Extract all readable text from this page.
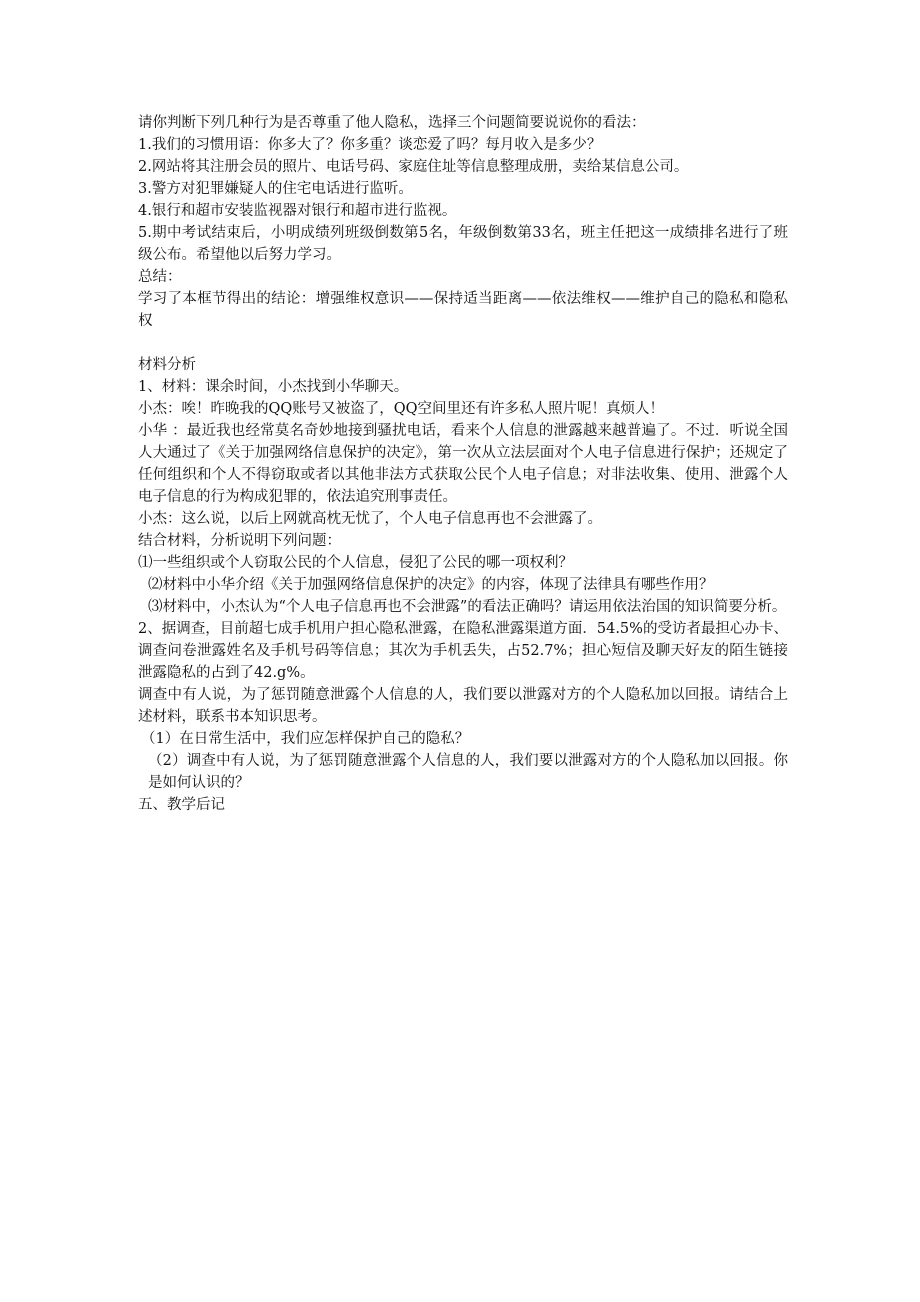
请你判断下列几种行为是否尊重了他人隐私，选择三个问题简要说说你的看法：

1.我们的习惯用语：你多大了？你多重？谈恋爱了吗？每月收入是多少？

2.网站将其注册会员的照片、电话号码、家庭住址等信息整理成册，卖给某信息公司。

3.警方对犯罪嫌疑人的住宅电话进行监听。

4.银行和超市安装监视器对银行和超市进行监视。

5.期中考试结束后，小明成绩列班级倒数第5名，年级倒数第33名，班主任把这一成绩排名进行了班级公布。希望他以后努力学习。

总结：

学习了本框节得出的结论：增强维权意识——保持适当距离——依法维权——维护自己的隐私和隐私权

材料分析

1、材料：课余时间，小杰找到小华聊天。

小杰：唉！昨晚我的QQ账号又被盗了，QQ空间里还有许多私人照片呢！真烦人！

小华 ：最近我也经常莫名奇妙地接到骚扰电话，看来个人信息的泄露越来越普遍了。不过．听说全国人大通过了《关于加强网络信息保护的决定》，第一次从立法层面对个人电子信息进行保护；还规定了任何组织和个人不得窃取或者以其他非法方式获取公民个人电子信息；对非法收集、使用、泄露个人电子信息的行为构成犯罪的，依法追究刑事责任。

小杰：这么说，以后上网就高枕无忧了，个人电子信息再也不会泄露了。

结合材料，分析说明下列问题：

⑴一些组织或个人窃取公民的个人信息，侵犯了公民的哪一项权利？

⑵材料中小华介绍《关于加强网络信息保护的决定》的内容，体现了法律具有哪些作用？

⑶材料中，小杰认为“个人电子信息再也不会泄露”的看法正确吗？请运用依法治国的知识简要分析。

2、据调查，目前超七成手机用户担心隐私泄露，在隐私泄露渠道方面．54.5%的受访者最担心办卡、调查问卷泄露姓名及手机号码等信息；其次为手机丢失，占52.7%；担心短信及聊天好友的陌生链接泄露隐私的占到了42.g%。

调查中有人说，为了惩罚随意泄露个人信息的人，我们要以泄露对方的个人隐私加以回报。请结合上述材料，联系书本知识思考。

（1）在日常生活中，我们应怎样保护自己的隐私？

（2）调查中有人说，为了惩罚随意泄露个人信息的人，我们要以泄露对方的个人隐私加以回报。你是如何认识的？

五、教学后记
